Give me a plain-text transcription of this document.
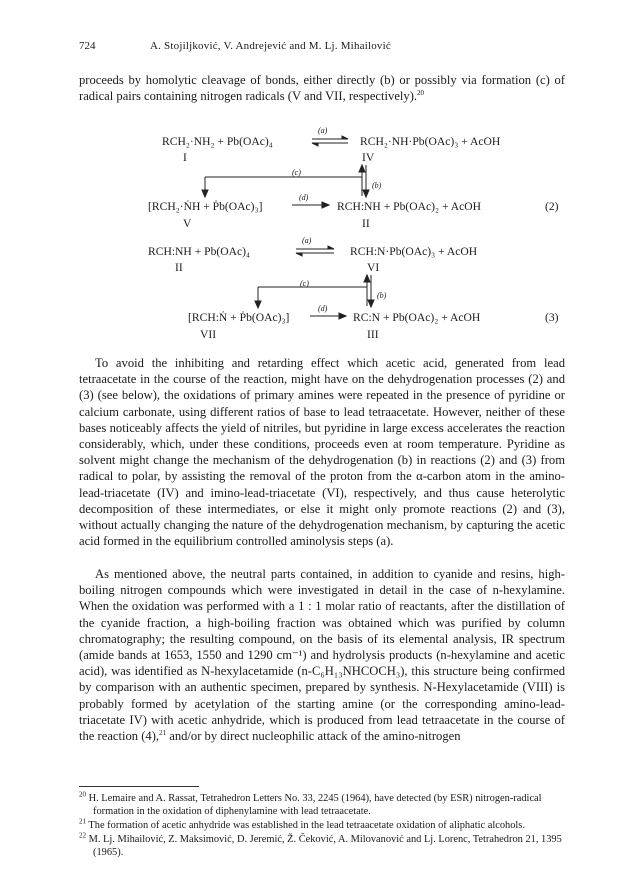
724	A. Stojiljković, V. Andrejević and M. Lj. Mihailović

proceeds by homolytic cleavage of bonds, either directly (b) or possibly via formation (c) of radical pairs containing nitrogen radicals (V and VII, respectively).$^{20}$

RCH₂·NH₂ + Pb(OAc)₄
(a)
RCH₂·NH·Pb(OAc)₃ + AcOH
I	IV
(c)
(b)
[RCH₂·ṄH + Ṗb(OAc)₃]
(d)
RCH:NH + Pb(OAc)₂ + AcOH	(2)
V	II
RCH:NH + Pb(OAc)₄
(a)
RCH:N·Pb(OAc)₃ + AcOH
II	VI
(c)
(b)
[RCH:Ṅ + Ṗb(OAc)₃]
(d)
RC:N + Pb(OAc)₂ + AcOH	(3)
VII	III

To avoid the inhibiting and retarding effect which acetic acid, generated from lead tetraacetate in the course of the reaction, might have on the dehydrogenation processes (2) and (3) (see below), the oxidations of primary amines were repeated in the presence of pyridine or calcium carbonate, using different ratios of base to lead tetraacetate. However, neither of these bases noticeably affects the yield of nitriles, but pyridine in large excess accelerates the reaction considerably, which, under these conditions, proceeds even at room temperature. Pyridine as solvent might change the mechanism of the dehydrogenation (b) in reactions (2) and (3) from radical to polar, by assisting the removal of the proton from the α-carbon atom in the amino-lead-triacetate (IV) and imino-lead-triacetate (VI), respectively, and thus cause heterolytic decomposition of these intermediates, or else it might only promote reactions (2) and (3), without actually changing the nature of the dehydrogenation mechanism, by capturing the acetic acid formed in the equilibrium controlled aminolysis steps (a).

As mentioned above, the neutral parts contained, in addition to cyanide and resins, high-boiling nitrogen compounds which were investigated in detail in the case of n-hexylamine. When the oxidation was performed with a 1 : 1 molar ratio of reactants, after the distillation of the cyanide fraction, a high-boiling fraction was obtained which was purified by column chromatography; the resulting compound, on the basis of its elemental analysis, IR spectrum (amide bands at 1653, 1550 and 1290 cm⁻¹) and hydrolysis products (n-hexylamine and acetic acid), was identified as N-hexylacetamide (n-C₆H₁₃NHCOCH₃), this structure being confirmed by comparison with an authentic specimen, prepared by synthesis. N-Hexylacetamide (VIII) is probably formed by acetylation of the starting amine (or the corresponding amino-lead-triacetate IV) with acetic anhydride, which is produced from lead tetraacetate in the course of the reaction (4),$^{21}$ and/or by direct nucleophilic attack of the amino-nitrogen

$^{20}$ H. Lemaire and A. Rassat, Tetrahedron Letters No. 33, 2245 (1964), have detected (by ESR) nitrogen-radical formation in the oxidation of diphenylamine with lead tetraacetate.

$^{21}$ The formation of acetic anhydride was established in the lead tetraacetate oxidation of aliphatic alcohols.

$^{22}$ M. Lj. Mihailović, Z. Maksimović, D. Jeremić, Ž. Čeković, A. Milovanović and Lj. Lorenc, Tetrahedron 21, 1395 (1965).
